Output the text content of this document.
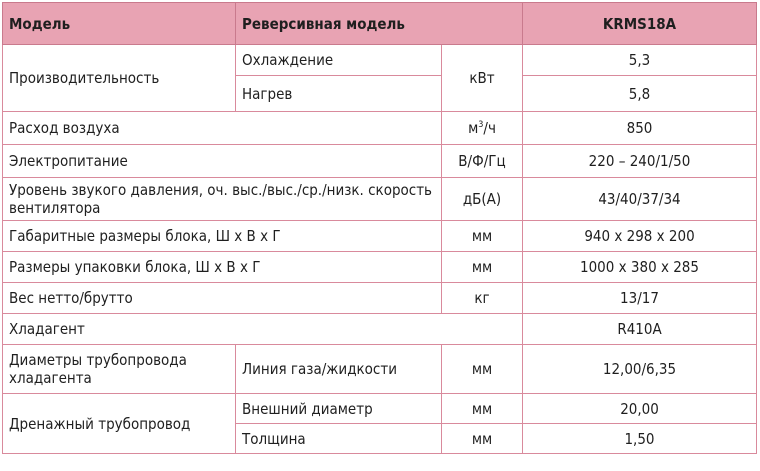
Модель	Реверсивная модель		KRMS18A
Производительность	Охлаждение	кВт	5,3
	Нагрев		5,8
Расход воздуха		$м^3/ч$	850
Электропитание		В/Ф/Гц	220 – 240/1/50
Уровень звукого давления, оч. выс./выс./ср./низк. скорость вентилятора		дБ(А)	43/40/37/34
Габаритные размеры блока, Ш х В х Г		мм	940 х 298 х 200
Размеры упаковки блока, Ш х В х Г		мм	1000 х 380 х 285
Вес нетто/брутто		кг	13/17
Хладагент			R410A
Диаметры трубопровода хладагента	Линия газа/жидкости	мм	12,00/6,35
Дренажный трубопровод	Внешний диаметр	мм	20,00
	Толщина	мм	1,50
